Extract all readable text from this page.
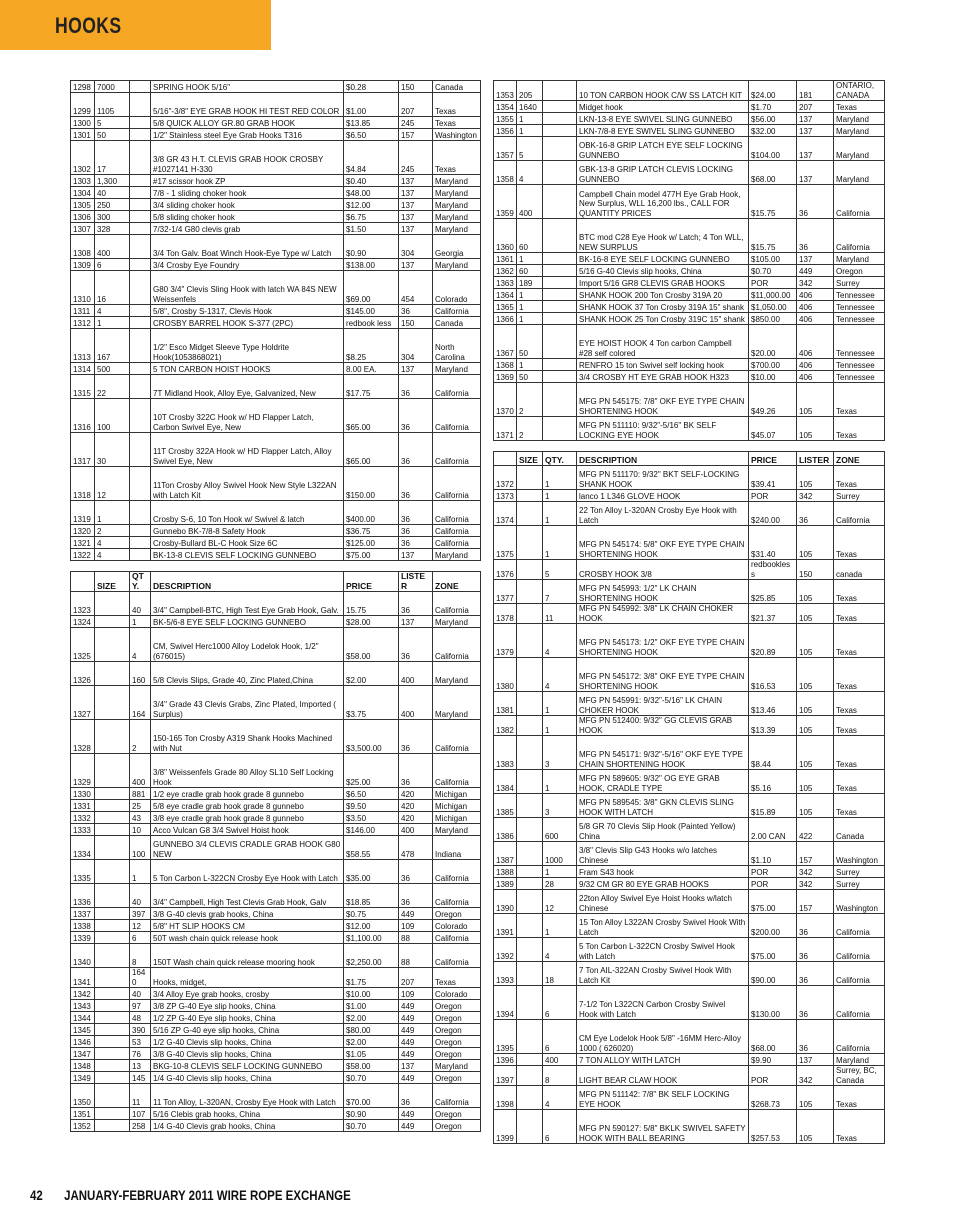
HOOKS
1298	7000		SPRING HOOK 5/16"	$0.28	150	Canada
1299	1105		5/16"-3/8" EYE GRAB HOOK HI TEST RED COLOR	$1.00	207	Texas
1300	5		5/8 QUICK ALLOY GR.80 GRAB HOOK	$13.85	245	Texas
1301	50		1/2" Stainless steel Eye Grab Hooks T316	$6.50	157	Washington
1302	17		3/8 GR 43 H.T. CLEVIS GRAB HOOK CROSBY #1027141 H-330	$4.84	245	Texas
1303	1,300		#17 scissor hook ZP	$0.40	137	Maryland
1304	40		7/8 - 1 sliding choker hook	$48.00	137	Maryland
1305	250		3/4 sliding choker hook	$12.00	137	Maryland
1306	300		5/8 sliding choker hook	$6.75	137	Maryland
1307	328		7/32-1/4 G80 clevis grab	$1.50	137	Maryland
1308	400		3/4 Ton Galv. Boat Winch Hook-Eye Type w/ Latch	$0.90	304	Georgia
1309	6		3/4 Crosby Eye Foundry	$138.00	137	Maryland
1310	16		G80 3/4" Clevis Sling Hook with latch WA 84S NEW Weissenfels	$69.00	454	Colorado
1311	4		5/8", Crosby S-1317, Clevis Hook	$145.00	36	California
1312	1		CROSBY BARREL HOOK S-377 (2PC)	redbook less	150	Canada
1313	167		1/2" Esco Midget Sleeve Type Holdrite Hook(1053868021)	$8.25	304	North Carolina
1314	500		5 TON CARBON HOIST HOOKS	8.00 EA.	137	Maryland
1315	22		7T Midland Hook, Alloy Eye, Galvanized, New	$17.75	36	California
1316	100		10T Crosby 322C Hook w/ HD Flapper Latch, Carbon Swivel Eye, New	$65.00	36	California
1317	30		11T Crosby 322A Hook w/ HD Flapper Latch, Alloy Swivel Eye, New	$65.00	36	California
1318	12		11Ton Crosby Alloy Swivel Hook New Style L322AN with Latch Kit	$150.00	36	California
1319	1		Crosby S-6, 10 Ton Hook w/ Swivel & latch	$400.00	36	California
1320	2		Gunnebo BK-7/8-8 Safety Hook	$36.75	36	California
1321	4		Crosby-Bullard BL-C Hook Size 6C	$125.00	36	California
1322	4		BK-13-8 CLEVIS SELF LOCKING GUNNEBO	$75.00	137	Maryland

	SIZE	QTY.	DESCRIPTION	PRICE	LISTER	ZONE
1323		40	3/4" Campbell-BTC, High Test Eye Grab Hook, Galv.	15.75	36	California
1324		1	BK-5/6-8 EYE SELF LOCKING GUNNEBO	$28.00	137	Maryland
1325		4	CM, Swivel Herc1000 Alloy Lodelok Hook, 1/2" (676015)	$58.00	36	California
1326		160	5/8 Clevis Slips, Grade 40, Zinc Plated,China	$2.00	400	Maryland
1327		164	3/4" Grade 43 Clevis Grabs, Zinc Plated, Imported ( Surplus)	$3.75	400	Maryland
1328		2	150-165 Ton Crosby A319 Shank Hooks Machined with Nut	$3,500.00	36	California
1329		400	3/8" Weissenfels Grade 80 Alloy SL10 Self Locking Hook	$25.00	36	California
1330		881	1/2 eye cradle grab hook grade 8 gunnebo	$6.50	420	Michigan
1331		25	5/8 eye cradle grab hook grade 8 gunnebo	$9.50	420	Michigan
1332		43	3/8 eye cradle grab hook grade 8 gunnebo	$3.50	420	Michigan
1333		10	Acco Vulcan G8 3/4 Swivel Hoist hook	$146.00	400	Maryland
1334		100	GUNNEBO 3/4 CLEVIS CRADLE GRAB HOOK G80 NEW	$58.55	478	Indiana
1335		1	5 Ton Carbon L-322CN Crosby Eye Hook with Latch	$35.00	36	California
1336		40	3/4" Campbell, High Test Clevis Grab Hook, Galv	$18.85	36	California
1337		397	3/8 G-40 clevis grab hooks, China	$0.75	449	Oregon
1338		12	5/8" HT SLIP HOOKS CM	$12.00	109	Colorado
1339		6	50T wash chain quick release hook	$1,100.00	88	California
1340		8	150T Wash chain quick release mooring hook	$2,250.00	88	California
1341		1640	Hooks, midget,	$1.75	207	Texas
1342		40	3/4 Alloy Eye grab hooks, crosby	$10.00	109	Colorado
1343		97	3/8 ZP G-40 Eye slip hooks, China	$1.00	449	Oregon
1344		48	1/2 ZP G-40 Eye slip hooks, China	$2.00	449	Oregon
1345		390	5/16 ZP G-40 eye slip hooks, China	$80.00	449	Oregon
1346		53	1/2 G-40 Clevis slip hooks, China	$2.00	449	Oregon
1347		76	3/8 G-40 Clevis slip hooks, China	$1.05	449	Oregon
1348		13	BKG-10-8 CLEVIS SELF LOCKING GUNNEBO	$58.00	137	Maryland
1349		145	1/4 G-40 Clevis slip hooks, China	$0.70	449	Oregon
1350		11	11 Ton Alloy, L-320AN, Crosby Eye Hook with Latch	$70.00	36	California
1351		107	5/16 Clebis grab hooks, China	$0.90	449	Oregon
1352		258	1/4 G-40 Clevis grab hooks, China	$0.70	449	Oregon
1353	205		10 TON CARBON HOOK C/W SS LATCH KIT	$24.00	181	ONTARIO, CANADA
1354	1640		Midget hook	$1.70	207	Texas
1355	1		LKN-13-8 EYE SWIVEL SLING GUNNEBO	$56.00	137	Maryland
1356	1		LKN-7/8-8 EYE SWIVEL SLING GUNNEBO	$32.00	137	Maryland
1357	5		OBK-16-8 GRIP LATCH EYE SELF LOCKING GUNNEBO	$104.00	137	Maryland
1358	4		GBK-13-8 GRIP LATCH CLEVIS LOCKING GUNNEBO	$68.00	137	Maryland
1359	400		Campbell Chain model 477H Eye Grab Hook, New Surplus, WLL 16,200 lbs., CALL FOR QUANTITY PRICES	$15.75	36	California
1360	60		BTC mod C28 Eye Hook w/ Latch; 4 Ton WLL, NEW SURPLUS	$15.75	36	California
1361	1		BK-16-8 EYE SELF LOCKING GUNNEBO	$105.00	137	Maryland
1362	60		5/16 G-40 Clevis slip hooks, China	$0.70	449	Oregon
1363	189		Import 5/16 GR8 CLEVIS GRAB HOOKS	POR	342	Surrey
1364	1		SHANK HOOK 200 Ton Crosby 319A 20	$11,000.00	406	Tennessee
1365	1		SHANK HOOK 37 Ton Crosby 319A 15" shank	$1,050.00	406	Tennessee
1366	1		SHANK HOOK 25 Ton Crosby 319C 15" shank	$850.00	406	Tennessee
1367	50		EYE HOIST HOOK 4 Ton carbon Campbell #28 self colored	$20.00	406	Tennessee
1368	1		RENFRO 15 ton Swivel self locking hook	$700.00	406	Tennessee
1369	50		3/4 CROSBY HT EYE GRAB HOOK H323	$10.00	406	Tennessee
1370	2		MFG PN 545175: 7/8" OKF EYE TYPE CHAIN SHORTENING HOOK	$49.26	105	Texas
1371	2		MFG PN 511110: 9/32"-5/16" BK SELF LOCKING EYE HOOK	$45.07	105	Texas

	SIZE	QTY.	DESCRIPTION	PRICE	LISTER	ZONE
1372		1	MFG PN 511170: 9/32" BKT SELF-LOCKING SHANK HOOK	$39.41	105	Texas
1373		1	lanco 1 L346 GLOVE HOOK	POR	342	Surrey
1374		1	22 Ton Alloy L-320AN Crosby Eye Hook with Latch	$240.00	36	California
1375		1	MFG PN 545174: 5/8" OKF EYE TYPE CHAIN SHORTENING HOOK	$31.40	105	Texas
1376		5	CROSBY HOOK 3/8	redbookless	150	canada
1377		7	MFG PN 545993: 1/2" LK CHAIN SHORTENING HOOK	$25.85	105	Texas
1378		11	MFG PN 545992: 3/8" LK CHAIN CHOKER HOOK	$21.37	105	Texas
1379		4	MFG PN 545173: 1/2" OKF EYE TYPE CHAIN SHORTENING HOOK	$20.89	105	Texas
1380		4	MFG PN 545172: 3/8" OKF EYE TYPE CHAIN SHORTENING HOOK	$16.53	105	Texas
1381		1	MFG PN 545991: 9/32"-5/16" LK CHAIN CHOKER HOOK	$13.46	105	Texas
1382		1	MFG PN 512400: 9/32" GG CLEVIS GRAB HOOK	$13.39	105	Texas
1383		3	MFG PN 545171: 9/32"-5/16" OKF EYE TYPE CHAIN SHORTENING HOOK	$8.44	105	Texas
1384		1	MFG PN 589605: 9/32" OG EYE GRAB HOOK, CRADLE TYPE	$5.16	105	Texas
1385		3	MFG PN 589545: 3/8" GKN CLEVIS SLING HOOK WITH LATCH	$15.89	105	Texas
1386		600	5/8 GR 70 Clevis Slip Hook (Painted Yellow) China	2.00 CAN	422	Canada
1387		1000	3/8" Clevis Slip G43 Hooks w/o latches Chinese	$1.10	157	Washington
1388		1	Fram S43 hook	POR	342	Surrey
1389		28	9/32 CM GR 80 EYE GRAB HOOKS	POR	342	Surrey
1390		12	22ton Alloy Swivel Eye Hoist Hooks w/latch Chinese	$75.00	157	Washington
1391		1	15 Ton Alloy L322AN Crosby Swivel Hook With Latch	$200.00	36	California
1392		4	5 Ton Carbon L-322CN Crosby Swivel Hook with Latch	$75.00	36	California
1393		18	7 Ton AIL-322AN Crosby Swivel Hook With Latch Kit	$90.00	36	California
1394		6	7-1/2 Ton L322CN Carbon Crosby Swivel Hook with Latch	$130.00	36	California
1395		6	CM Eye Lodelok Hook 5/8" -16MM Herc-Alloy 1000 ( 626020)	$68.00	36	California
1396		400	7 TON ALLOY WITH LATCH	$9.90	137	Maryland
1397		8	LIGHT BEAR CLAW HOOK	POR	342	Surrey, BC, Canada
1398		4	MFG PN 511142: 7/8" BK SELF LOCKING EYE HOOK	$268.73	105	Texas
1399		6	MFG PN 590127: 5/8" BKLK SWIVEL SAFETY HOOK WITH BALL BEARING	$257.53	105	Texas
42 JANUARY-FEBRUARY 2011 WIRE ROPE EXCHANGE
